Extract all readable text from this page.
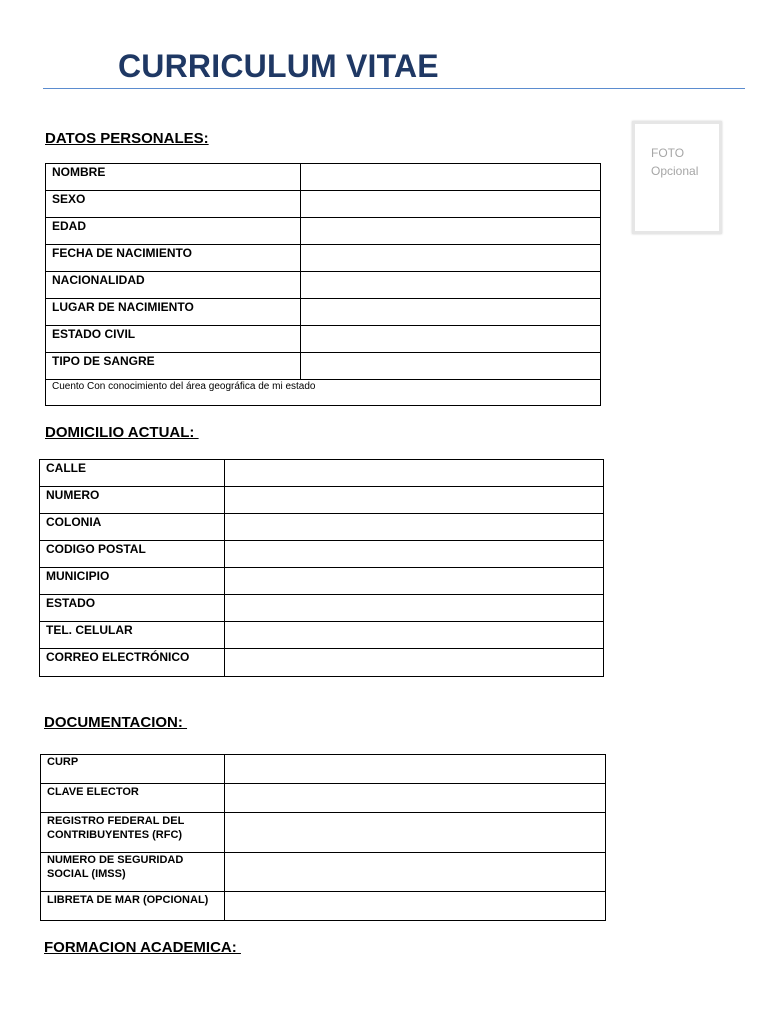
CURRICULUM VITAE
FOTO
Opcional
DATOS PERSONALES:
NOMBRE	
SEXO	
EDAD	
FECHA DE NACIMIENTO	
NACIONALIDAD	
LUGAR DE NACIMIENTO	
ESTADO CIVIL	
TIPO DE SANGRE	
Cuento Con conocimiento del área geográfica de mi estado	
DOMICILIO ACTUAL:
CALLE	
NUMERO	
COLONIA	
CODIGO POSTAL	
MUNICIPIO	
ESTADO	
TEL. CELULAR	
CORREO ELECTRÓNICO	
DOCUMENTACION:
CURP	
CLAVE ELECTOR	
REGISTRO FEDERAL DEL CONTRIBUYENTES (RFC)	
NUMERO DE SEGURIDAD SOCIAL (IMSS)	
LIBRETA DE MAR (OPCIONAL)	
FORMACION ACADEMICA:
